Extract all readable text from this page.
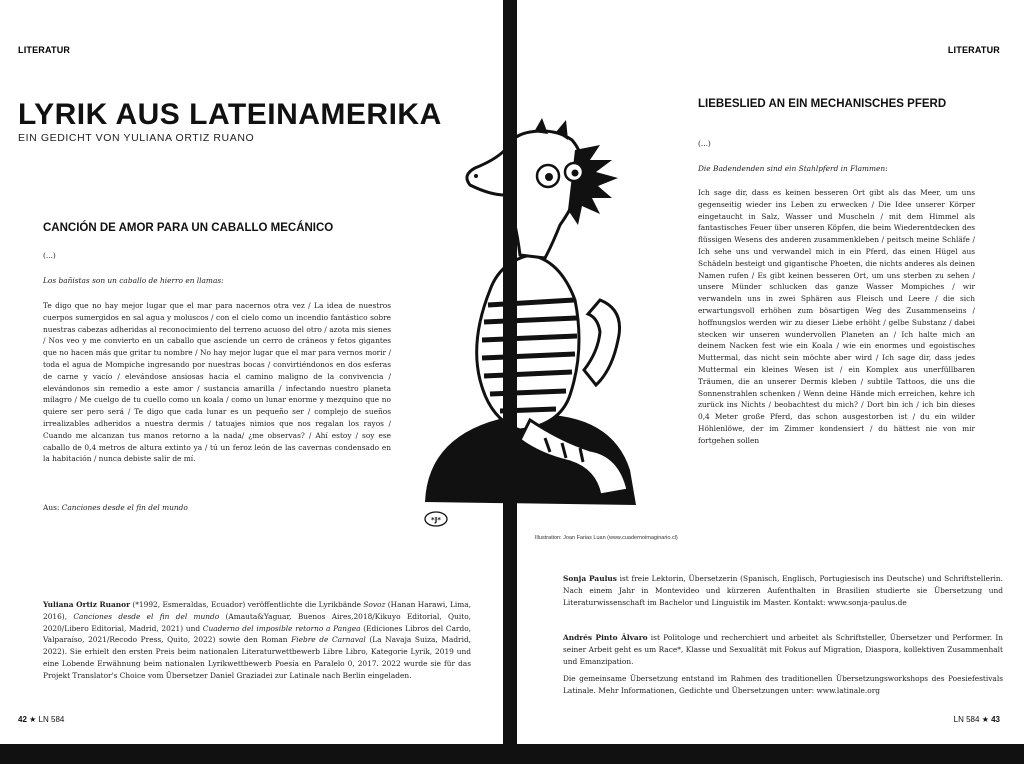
LITERATUR
LYRIK AUS LATEINAMERIKA
EIN GEDICHT VON YULIANA ORTIZ RUANO
CANCIÓN DE AMOR PARA UN CABALLO MECÁNICO
(...)
Los bañistas son un caballo de hierro en llamas:
Te digo que no hay mejor lugar que el mar para nacernos otra vez / La idea de nuestros cuerpos sumergidos en sal agua y moluscos / con el cielo como un incendio fantástico sobre nuestras cabezas adheridas al reconocimiento del terreno acuoso del otro / azota mis sienes / Nos veo y me convierto en un caballo que asciende un cerro de cráneos y fetos gigantes que no hacen más que gritar tu nombre / No hay mejor lugar que el mar para vernos morir / toda el agua de Mompiche ingresando por nuestras bocas / convirtiéndonos en dos esferas de carne y vacío / elevándose ansiosas hacia el camino maligno de la convivencia / elevándonos sin remedio a este amor / sustancia amarilla / infectando nuestro planeta milagro / Me cuelgo de tu cuello como un koala / como un lunar enorme y mezquino que no quiere ser pero será / Te digo que cada lunar es un pequeño ser / complejo de sueños irrealizables adheridos a nuestra dermis / tatuajes nimios que nos regalan los rayos / Cuando me alcanzan tus manos retorno a la nada/ ¿me observas? / Ahí estoy / soy ese caballo de 0,4 metros de altura extinto ya / tú un feroz león de las cavernas condensado en la habitación / nunca debiste salir de mí.
Aus: Canciones desde el fin del mundo
Yuliana Ortiz Ruanor (*1992, Esmeraldas, Ecuador) veröffentlichte die Lyrikbände Sovoz (Hanan Harawi, Lima, 2016), Canciones desde el fin del mundo (Amauta&Yaguar, Buenos Aires,2018/Kikuyo Editorial, Quito, 2020/Libero Editorial, Madrid, 2021) und Cuaderno del imposible retorno a Pangea (Ediciones Libros del Cardo, Valparaíso, 2021/Recodo Press, Quito, 2022) sowie den Roman Fiebre de Carnaval (La Navaja Suiza, Madrid, 2022). Sie erhielt den ersten Preis beim nationalen Literaturwettbewerb Libre Libro, Kategorie Lyrik, 2019 und eine Lobende Erwähnung beim nationalen Lyrikwettbewerb Poesía en Paralelo 0, 2017. 2022 wurde sie für das Projekt Translator's Choice vom Übersetzer Daniel Graziadei zur Latinale nach Berlin eingeladen.
42 ★ LN 584
LITERATUR
LIEBESLIED AN EIN MECHANISCHES PFERD
(...)
Die Badendenden sind ein Stahlpferd in Flammen:
Ich sage dir, dass es keinen besseren Ort gibt als das Meer, um uns gegenseitig wieder ins Leben zu erwecken / Die Idee unserer Körper eingetaucht in Salz, Wasser und Muscheln / mit dem Himmel als fantastisches Feuer über unseren Köpfen, die beim Wiederentdecken des flüssigen Wesens des anderen zusammenkleben / peitsch meine Schläfe / Ich sehe uns und verwandel mich in ein Pferd, das einen Hügel aus Schädeln besteigt und gigantische Phoeten, die nichts anderes als deinen Namen rufen / Es gibt keinen besseren Ort, um uns sterben zu sehen / unsere Münder schlucken das ganze Wasser Mompiches / wir verwandeln uns in zwei Sphären aus Fleisch und Leere / die sich erwartungsvoll erhöhen zum bösartigen Weg des Zusammenseins / hoffnungslos werden wir zu dieser Liebe erhöht / gelbe Substanz / dabei stecken wir unseren wundervollen Planeten an / Ich halte mich an deinem Nacken fest wie ein Koala / wie ein enormes und egoistisches Muttermal, das nicht sein möchte aber wird / Ich sage dir, dass jedes Muttermal ein kleines Wesen ist / ein Komplex aus unerfüllbaren Träumen, die an unserer Dermis kleben / subtile Tattoos, die uns die Sonnenstrahlen schenken / Wenn deine Hände mich erreichen, kehre ich zurück ins Nichts / beobachtest du mich? / Dort bin ich / ich bin dieses 0,4 Meter große Pferd, das schon ausgestorben ist / du ein wilder Höhlenlöwe, der im Zimmer kondensiert / du hättest nie von mir fortgehen sollen
Sonja Paulus ist freie Lektorin, Übersetzerin (Spanisch, Englisch, Portugiesisch ins Deutsche) und Schriftstellerin. Nach einem Jahr in Montevideo und kürzeren Aufenthalten in Brasilien studierte sie Übersetzung und Literaturwissenschaft im Bachelor und Linguistik im Master. Kontakt: www.sonja-paulus.de
Andrés Pinto Álvaro ist Politologe und recherchiert und arbeitet als Schriftsteller, Übersetzer und Performer. In seiner Arbeit geht es um Race*, Klasse und Sexualität mit Fokus auf Migration, Diaspora, kollektiven Zusammenhalt und Emanzipation.
Die gemeinsame Übersetzung entstand im Rahmen des traditionellen Übersetzungsworkshops des Poesiefestivals Latinale. Mehr Informationen, Gedichte und Übersetzungen unter: www.latinale.org
LN 584 ★ 43
*J*
Illustration: Joan Farias Luan (www.cuadernoimaginario.cl)
